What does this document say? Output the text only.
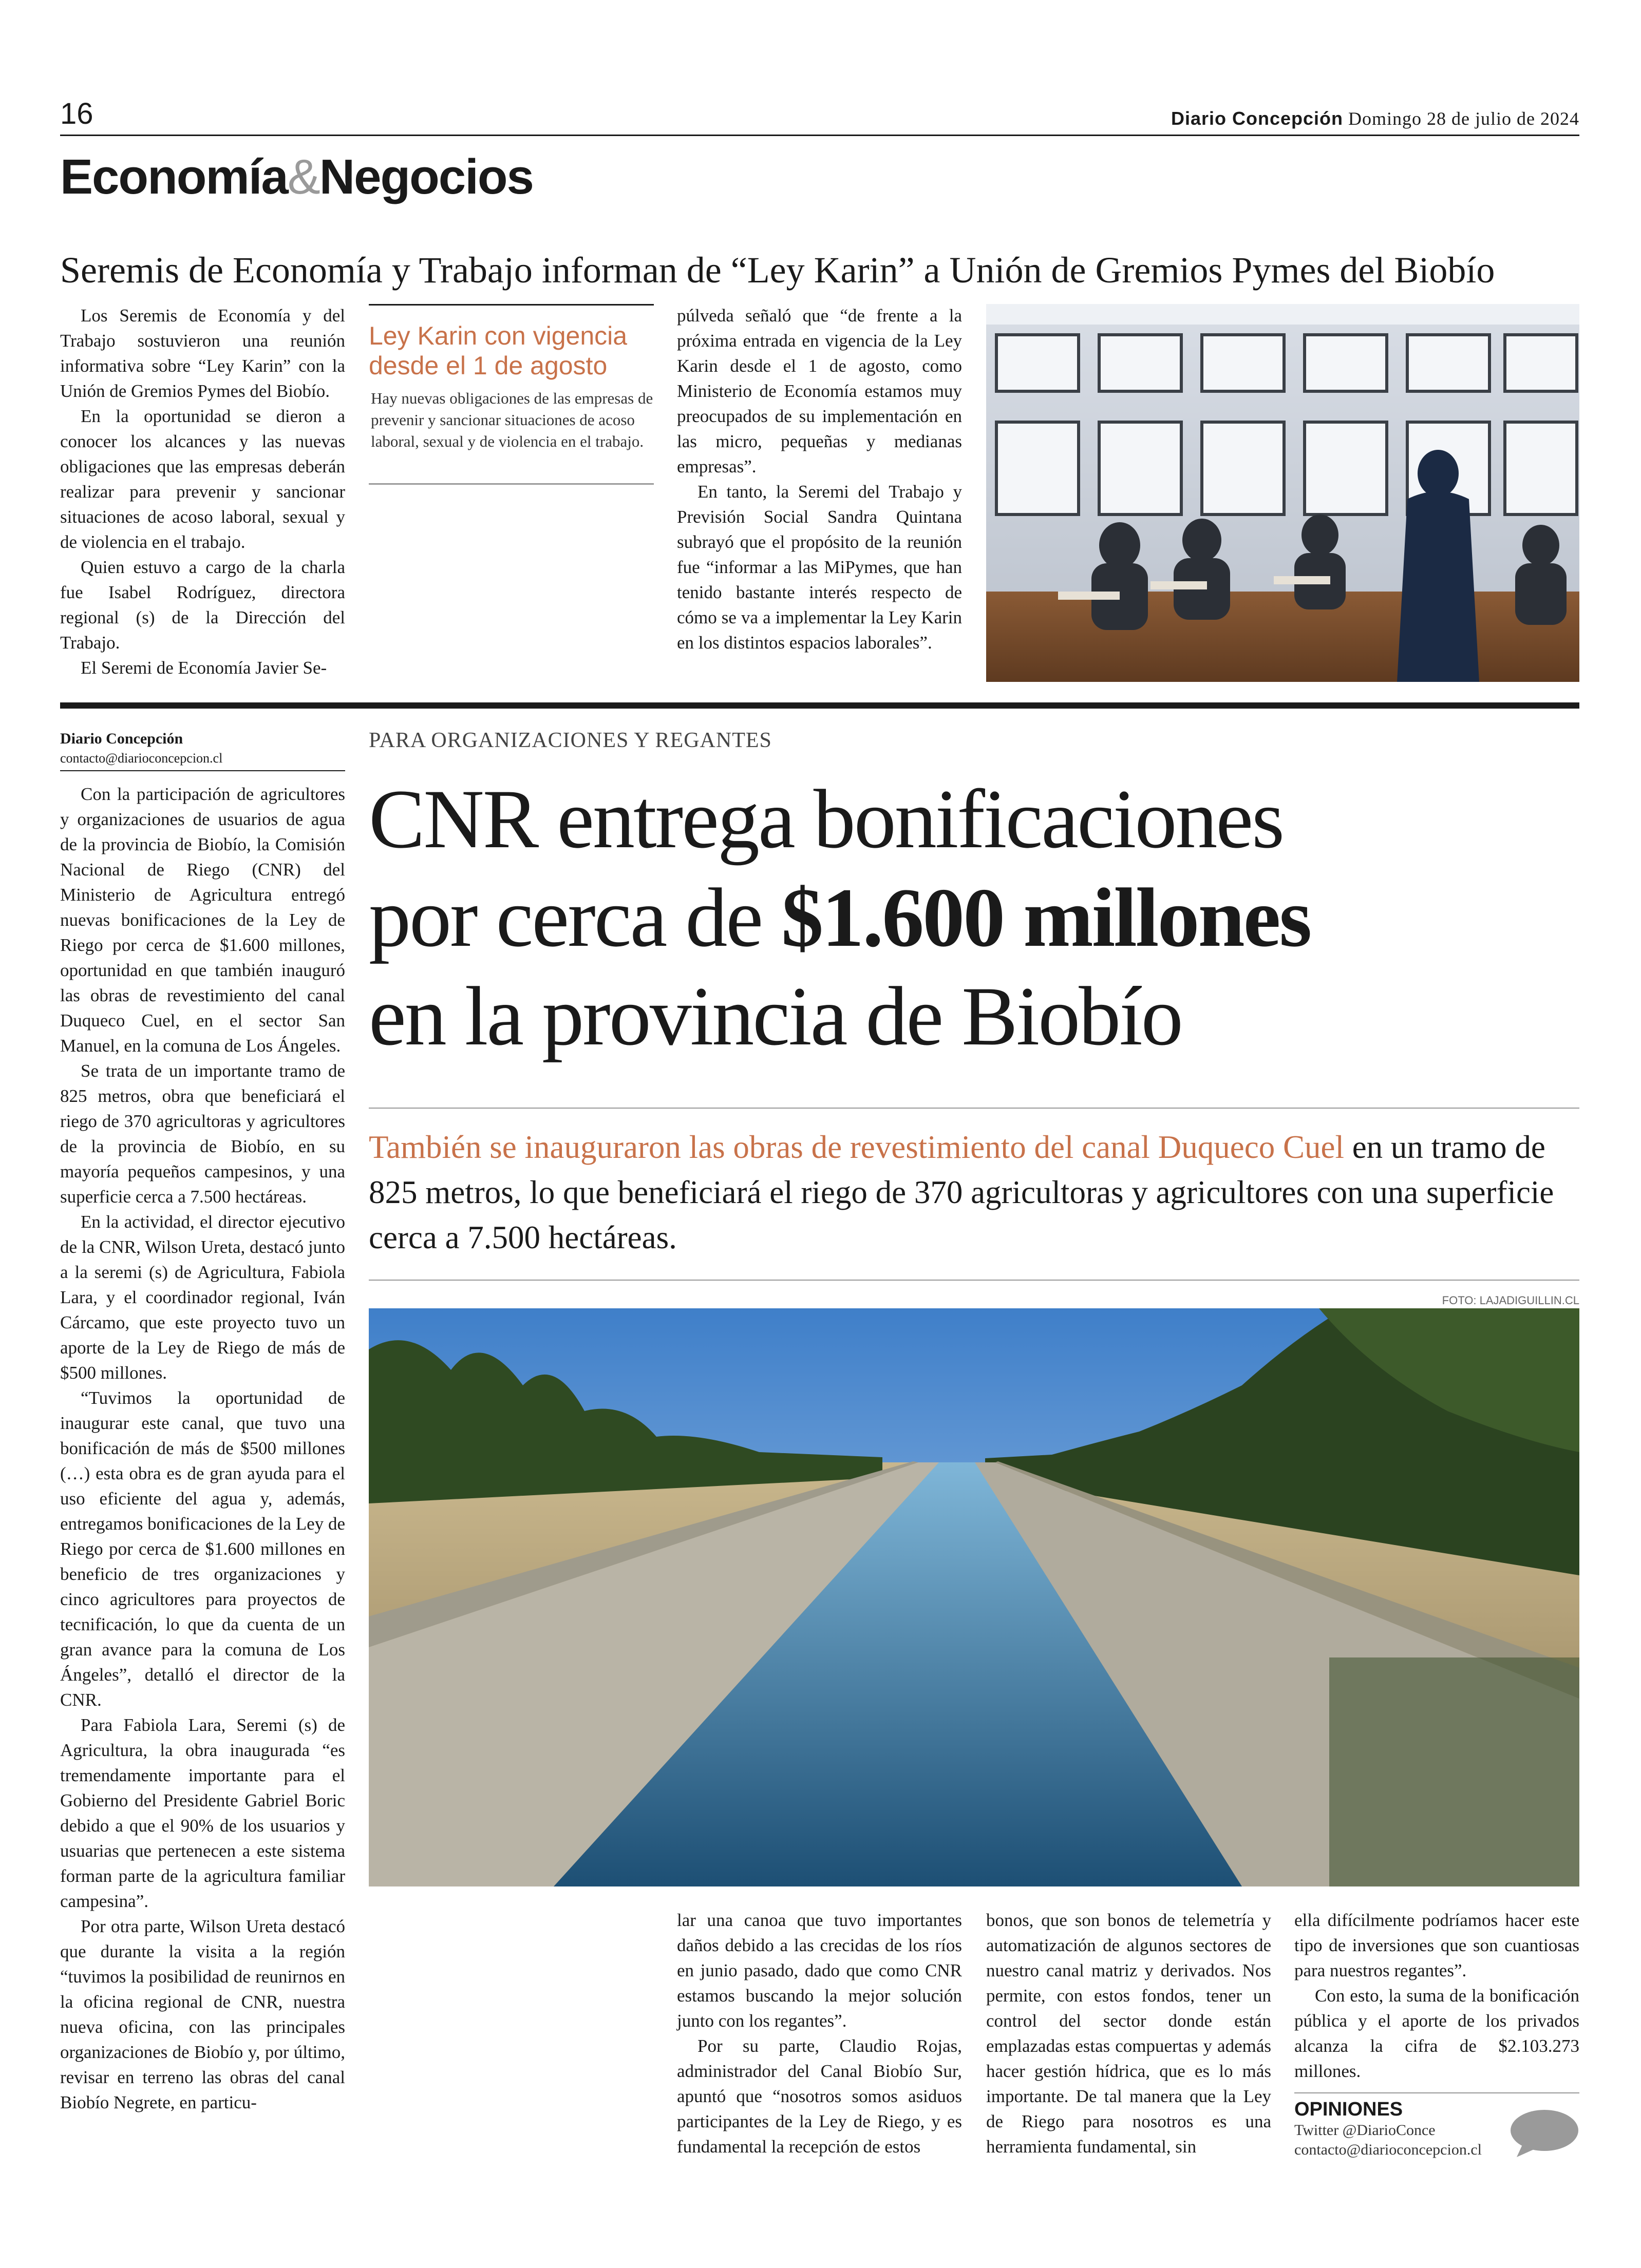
16	Diario Concepción Domingo 28 de julio de 2024
Economía&Negocios
Seremis de Economía y Trabajo informan de “Ley Karin” a Unión de Gremios Pymes del Biobío

Los Seremis de Economía y del Trabajo sostuvieron una reunión informativa sobre “Ley Karin” con la Unión de Gremios Pymes del Biobío.

En la oportunidad se dieron a conocer los alcances y las nuevas obligaciones que las empresas deberán realizar para prevenir y sancionar situaciones de acoso laboral, sexual y de violencia en el trabajo.

Quien estuvo a cargo de la charla fue Isabel Rodríguez, directora regional (s) de la Dirección del Trabajo.

El Seremi de Economía Javier Se-

Ley Karin con vigencia desde el 1 de agosto
Hay nuevas obligaciones de las empresas de prevenir y sancionar situaciones de acoso laboral, sexual y de violencia en el trabajo.

púlveda señaló que “de frente a la próxima entrada en vigencia de la Ley Karin desde el 1 de agosto, como Ministerio de Economía estamos muy preocupados de su implementación en las micro, pequeñas y medianas empresas”.

En tanto, la Seremi del Trabajo y Previsión Social Sandra Quintana subrayó que el propósito de la reunión fue “informar a las MiPymes, que han tenido bastante interés respecto de cómo se va a implementar la Ley Karin en los distintos espacios laborales”.

Diario Concepción
contacto@diarioconcepcion.cl
PARA ORGANIZACIONES Y REGANTES
CNR entrega bonificaciones
por cerca de $1.600 millones
en la provincia de Biobío
También se inauguraron las obras de revestimiento del canal Duqueco Cuel en un tramo de 825 metros, lo que beneficiará el riego de 370 agricultoras y agricultores con una superficie cerca a 7.500 hectáreas.
FOTO: LAJADIGUILLIN.CL

Con la participación de agricultores y organizaciones de usuarios de agua de la provincia de Biobío, la Comisión Nacional de Riego (CNR) del Ministerio de Agricultura entregó nuevas bonificaciones de la Ley de Riego por cerca de $1.600 millones, oportunidad en que también inauguró las obras de revestimiento del canal Duqueco Cuel, en el sector San Manuel, en la comuna de Los Ángeles.

Se trata de un importante tramo de 825 metros, obra que beneficiará el riego de 370 agricultoras y agricultores de la provincia de Biobío, en su mayoría pequeños campesinos, y una superficie cerca a 7.500 hectáreas.

En la actividad, el director ejecutivo de la CNR, Wilson Ureta, destacó junto a la seremi (s) de Agricultura, Fabiola Lara, y el coordinador regional, Iván Cárcamo, que este proyecto tuvo un aporte de la Ley de Riego de más de $500 millones.

“Tuvimos la oportunidad de inaugurar este canal, que tuvo una bonificación de más de $500 millones (…) esta obra es de gran ayuda para el uso eficiente del agua y, además, entregamos bonificaciones de la Ley de Riego por cerca de $1.600 millones en beneficio de tres organizaciones y cinco agricultores para proyectos de tecnificación, lo que da cuenta de un gran avance para la comuna de Los Ángeles”, detalló el director de la CNR.

Para Fabiola Lara, Seremi (s) de Agricultura, la obra inaugurada “es tremendamente importante para el Gobierno del Presidente Gabriel Boric debido a que el 90% de los usuarios y usuarias que pertenecen a este sistema forman parte de la agricultura familiar campesina”.

Por otra parte, Wilson Ureta destacó que durante la visita a la región “tuvimos la posibilidad de reunirnos en la oficina regional de CNR, nuestra nueva oficina, con las principales organizaciones de Biobío y, por último, revisar en terreno las obras del canal Biobío Negrete, en particu-

lar una canoa que tuvo importantes daños debido a las crecidas de los ríos en junio pasado, dado que como CNR estamos buscando la mejor solución junto con los regantes”.

Por su parte, Claudio Rojas, administrador del Canal Biobío Sur, apuntó que “nosotros somos asiduos participantes de la Ley de Riego, y es fundamental la recepción de estos

bonos, que son bonos de telemetría y automatización de algunos sectores de nuestro canal matriz y derivados. Nos permite, con estos fondos, tener un control del sector donde están emplazadas estas compuertas y además hacer gestión hídrica, que es lo más importante. De tal manera que la Ley de Riego para nosotros es una herramienta fundamental, sin

ella difícilmente podríamos hacer este tipo de inversiones que son cuantiosas para nuestros regantes”.

Con esto, la suma de la bonificación pública y el aporte de los privados alcanza la cifra de $2.103.273 millones.

OPINIONES
Twitter @DiarioConce
contacto@diarioconcepcion.cl
